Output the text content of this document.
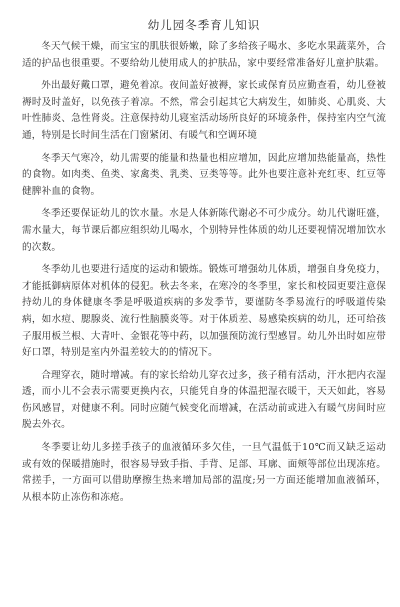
幼儿园冬季育儿知识

冬天气候干燥，而宝宝的肌肤很娇嫩，除了多给孩子喝水、多吃水果蔬菜外，合适的护品也很重要。不要给幼儿使用成人的护肤品，家中要经常准备好儿童护肤霜。

外出最好戴口罩，避免着凉。夜间盖好被褥，家长或保育员应勤查看，幼儿登被褥时及时盖好，以免孩子着凉。不然，常会引起其它大病发生，如肺炎、心肌炎、大叶性肺炎、急性肾炎。注意保持幼儿寝室活动场所良好的环境条件，保持室内空气流通，特别是长时间生活在门窗紧闭、有暖气和空调环境

冬季天气寒冷，幼儿需要的能量和热量也相应增加，因此应增加热能量高，热性的食物。如肉类、鱼类、家禽类、乳类、豆类等等。此外也要注意补充红枣、红豆等健脾补血的食物。

冬季还要保证幼儿的饮水量。水是人体新陈代谢必不可少成分。幼儿代谢旺盛，需水量大，每节课后都应组织幼儿喝水，个别特异性体质的幼儿还要视情况增加饮水的次数。

冬季幼儿也要进行适度的运动和锻炼。锻炼可增强幼儿体质，增强自身免疫力，才能抵御病原体对机体的侵犯。秋去冬来，在寒冷的冬季里，家长和校园更要注意保持幼儿的身体健康冬季是呼吸道疾病的多发季节，要谨防冬季易流行的呼吸道传染病，如水痘、腮腺炎、流行性脑膜炎等。对于体质差、易感染疾病的幼儿，还可给孩子服用板兰根、大青叶、金银花等中药，以加强预防流行型感冒。幼儿外出时如应带好口罩，特别是室内外温差较大的的情况下。

合理穿衣，随时增减。有的家长给幼儿穿衣过多，孩子稍有活动，汗水把内衣湿透，而小儿不会表示需要更换内衣，只能凭自身的体温把湿衣暖干，天天如此，容易伤风感冒，对健康不利。同时应随气候变化而增减，在活动前或进入有暖气房间时应脱去外衣。

冬季要让幼儿多搓手孩子的血液循环多欠佳，一旦气温低于10℃而又缺乏运动或有效的保暖措施时，很容易导致手指、手背、足部、耳廓、面颊等部位出现冻疮。常搓手，一方面可以借助摩擦生热来增加局部的温度;另一方面还能增加血液循环，从根本防止冻伤和冻疮。
